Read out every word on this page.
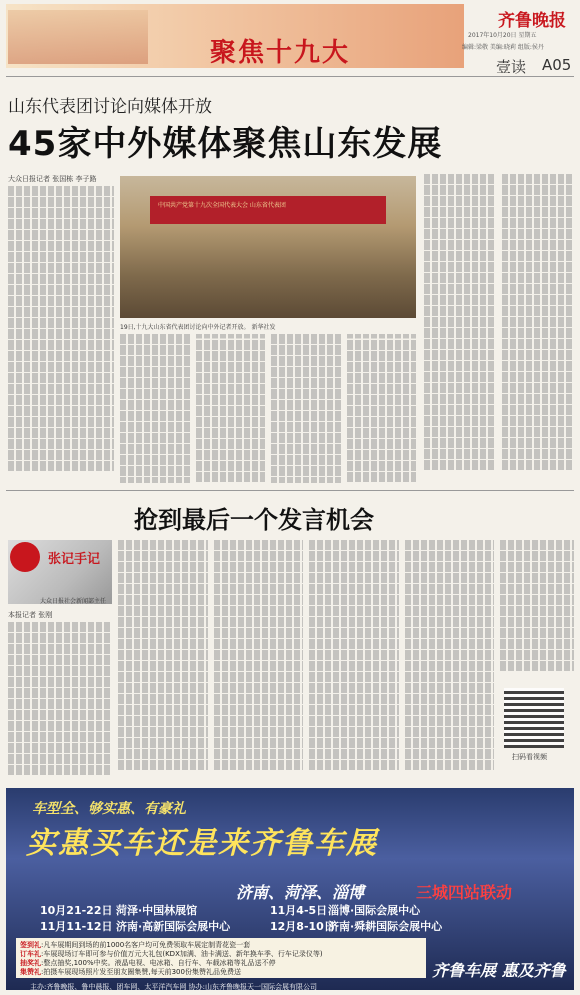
聚焦十九大
齐鲁晚报
2017年10月20日 星期五
编辑:梁敬 美编:晓莉 组版:侯丹
壹读 A05
山东代表团讨论向媒体开放
45家中外媒体聚焦山东发展
大众日报记者 张国栋 李子路
中国共产党第十九次全国代表大会 山东省代表团
19日,十九大山东省代表团讨论向中外记者开放。 新华社发
抢到最后一个发言机会
张记手记
大众日报社会新闻部主任
本报记者 张刚
扫码看视频
车型全、够实惠、有豪礼
实惠买车还是来齐鲁车展
济南、菏泽、淄博	三城四站联动
10月21-22日 菏泽·中国林展馆	11月4-5日 淄博·国际会展中心
11月11-12日 济南·高新国际会展中心	12月8-10日
济南·舜耕国际会展中心
签到礼:凡车展期间到场的前1000名客户均可免费领取车展定制青花瓷一套
订车礼:车展现场订车即可参与价值万元大礼包(KDX加满、油卡满送、新年换车季、行车记录仪等)
抽奖礼:整点抽奖,100%中奖。液晶电视、电冰箱、自行车、车载冰箱等礼品送不停
集赞礼:拍摄车展现场照片发至朋友圈集赞,每天前300份集赞礼品免费送
主办:齐鲁晚报、鲁中晨报、团车网、太平洋汽车网 协办:山东齐鲁晚报天一国际会展有限公司
齐鲁车展 惠及齐鲁
